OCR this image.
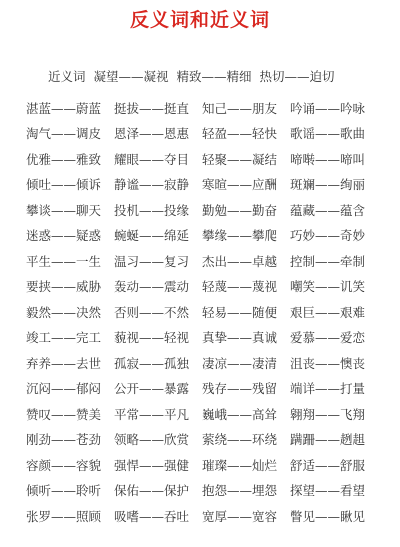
反义词和近义词
近义词 凝望——凝视 精致——精细 热切——迫切
湛蓝——蔚蓝	挺拔——挺直	知己——朋友	吟诵——吟咏
淘气——调皮	恩泽——恩惠	轻盈——轻快	歌谣——歌曲
优雅——雅致	耀眼——夺目	轻聚——凝结	啼啭——啼叫
倾吐——倾诉	静谧——寂静	寒暄——应酬	斑斓——绚丽
攀谈——聊天	投机——投缘	勤勉——勤奋	蕴藏——蕴含
迷惑——疑惑	蜿蜒——绵延	攀缘——攀爬	巧妙——奇妙
平生——一生	温习——复习	杰出——卓越	控制——牵制
要挟——威胁	轰动——震动	轻蔑——蔑视	嘲笑——讥笑
毅然——决然	否则——不然	轻易——随便	艰巨——艰难
竣工——完工	藐视——轻视	真挚——真诚	爱慕——爱恋
弃养——去世	孤寂——孤独	凄凉——凄清	沮丧——懊丧
沉闷——郁闷	公开——暴露	残存——残留	端详——打量
赞叹——赞美	平常——平凡	巍峨——高耸	翱翔——飞翔
刚劲——苍劲	领略——欣赏	萦绕——环绕	蹒跚——趔趄
容颜——容貌	强悍——强健	璀璨——灿烂	舒适——舒服
倾听——聆听	保佑——保护	抱怨——埋怨	探望——看望
张罗——照顾	吸嗜——吞吐	宽厚——宽容	瞥见——瞅见
